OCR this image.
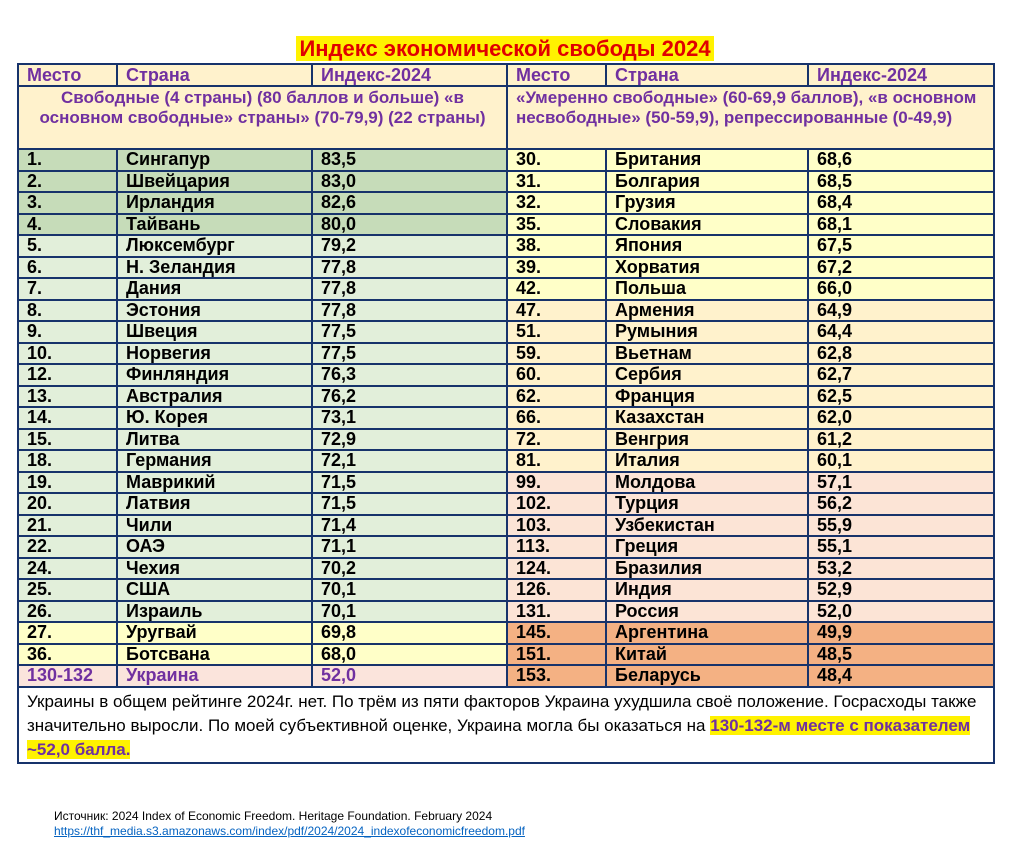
Индекс экономической свободы 2024
Место	Страна	Индекс-2024	Место	Страна	Индекс-2024
Свободные (4 страны) (80 баллов и больше) «в основном свободные» страны» (70-79,9) (22 страны)			«Умеренно свободные» (60-69,9 баллов), «в основном несвободные» (50-59,9), репрессированные (0-49,9)		
1.	Сингапур	83,5	30.	Британия	68,6
2.	Швейцария	83,0	31.	Болгария	68,5
3.	Ирландия	82,6	32.	Грузия	68,4
4.	Тайвань	80,0	35.	Словакия	68,1
5.	Люксембург	79,2	38.	Япония	67,5
6.	Н. Зеландия	77,8	39.	Хорватия	67,2
7.	Дания	77,8	42.	Польша	66,0
8.	Эстония	77,8	47.	Армения	64,9
9.	Швеция	77,5	51.	Румыния	64,4
10.	Норвегия	77,5	59.	Вьетнам	62,8
12.	Финляндия	76,3	60.	Сербия	62,7
13.	Австралия	76,2	62.	Франция	62,5
14.	Ю. Корея	73,1	66.	Казахстан	62,0
15.	Литва	72,9	72.	Венгрия	61,2
18.	Германия	72,1	81.	Италия	60,1
19.	Маврикий	71,5	99.	Молдова	57,1
20.	Латвия	71,5	102.	Турция	56,2
21.	Чили	71,4	103.	Узбекистан	55,9
22.	ОАЭ	71,1	113.	Греция	55,1
24.	Чехия	70,2	124.	Бразилия	53,2
25.	США	70,1	126.	Индия	52,9
26.	Израиль	70,1	131.	Россия	52,0
27.	Уругвай	69,8	145.	Аргентина	49,9
36.	Ботсвана	68,0	151.	Китай	48,5
130-132	Украина	52,0	153.	Беларусь	48,4
Украины в общем рейтинге 2024г. нет. По трём из пяти факторов Украина ухудшила своё положение. Госрасходы также значительно выросли. По моей субъективной оценке, Украина могла бы оказаться на 130-132-м месте с показателем ~52,0 балла.					
Источник: 2024 Index of Economic Freedom. Heritage Foundation. February 2024
https://thf_media.s3.amazonaws.com/index/pdf/2024/2024_indexofeconomicfreedom.pdf
